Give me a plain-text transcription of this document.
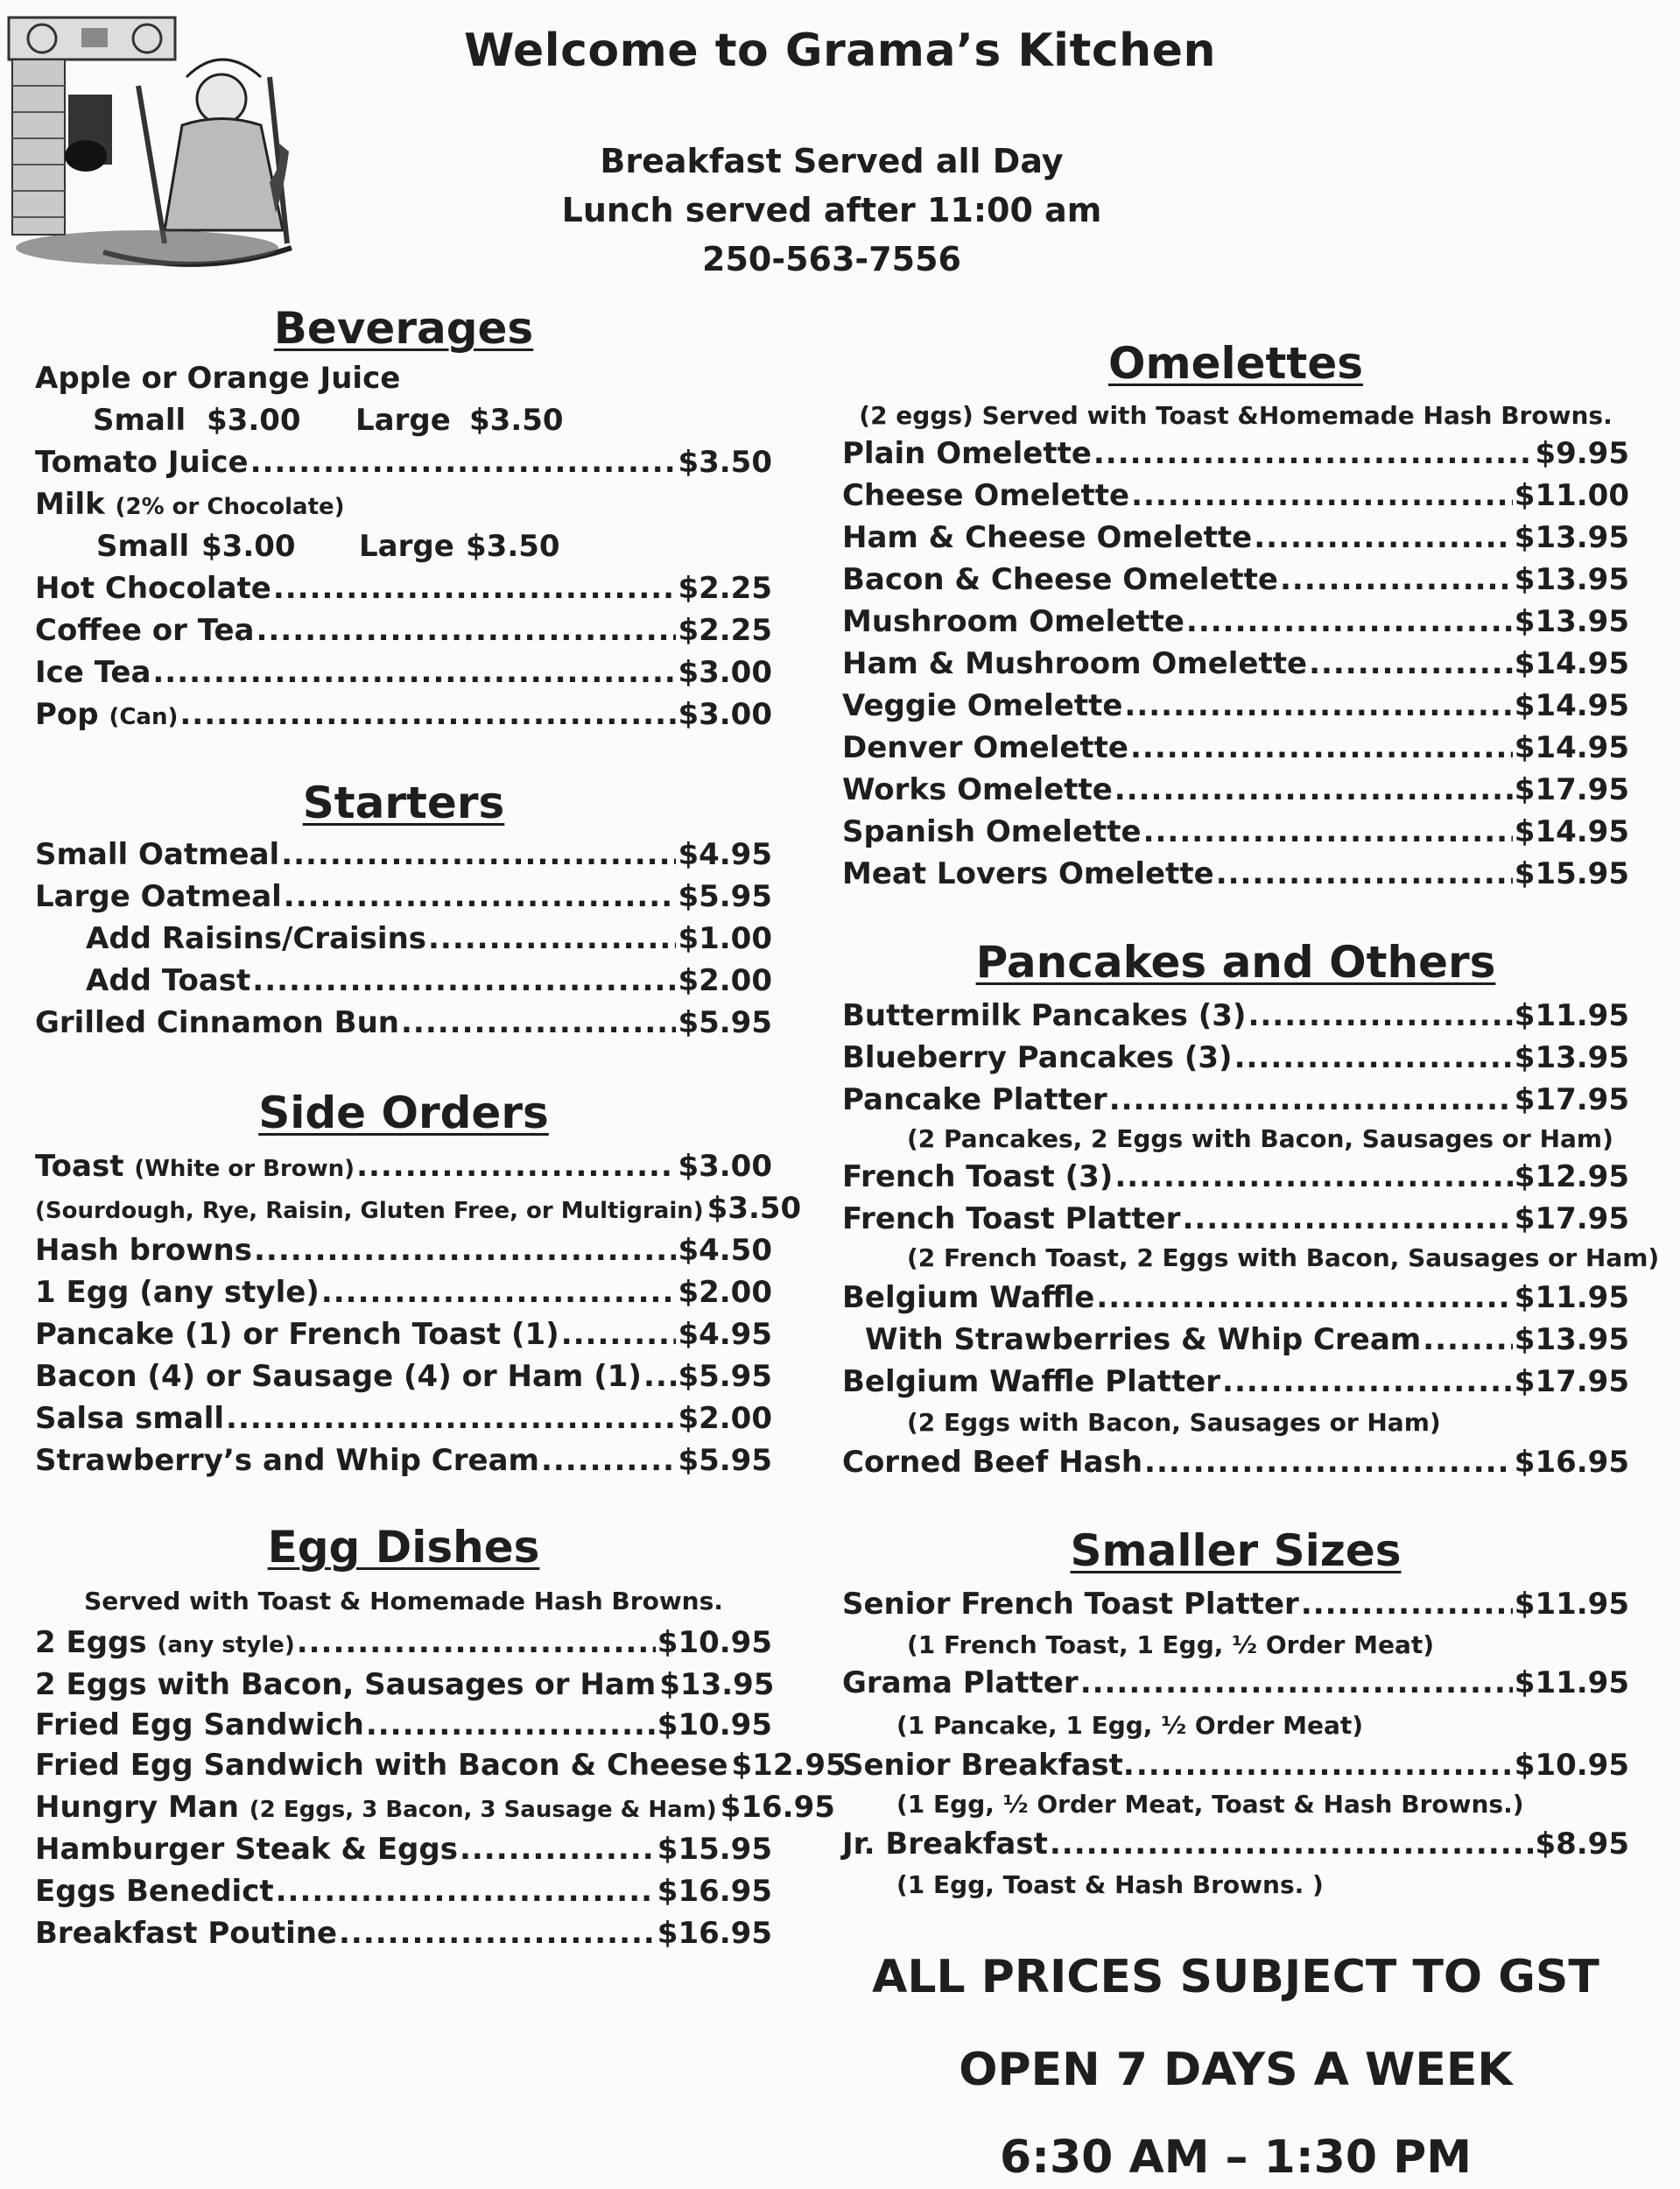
Welcome to Grama’s Kitchen
Breakfast Served all Day
Lunch served after 11:00 am
250-563-7556
Beverages
Apple or Orange Juice
Small $3.00 Large $3.50
Tomato Juice .....	$3.50
Milk
(2% or Chocolate)
Small $3.00 Large $3.50
Hot Chocolate .....	$2.25
Coffee or Tea .....	$2.25
Ice Tea .....	$3.00
Pop
(Can) .....	$3.00
Starters
Small Oatmeal .....	$4.95
Large Oatmeal .....	$5.95
Add Raisins/Craisins .....	$1.00
Add Toast .....	$2.00
Grilled Cinnamon Bun .....	$5.95
Side Orders
Toast
(White or Brown) .....	$3.00
(Sourdough, Rye, Raisin, Gluten Free, or Multigrain) $3.50
Hash browns .....	$4.50
1 Egg (any style) .....	$2.00
Pancake (1) or French Toast (1) .....	$4.95
Bacon (4) or Sausage (4) or Ham (1) ..... $5.95
Salsa small .....	$2.00
Strawberry’s and Whip Cream .....	$5.95
Egg Dishes
Served with Toast & Homemade Hash Browns.
2 Eggs
(any style) .....	$10.95
2 Eggs with Bacon, Sausages or Ham $13.95
Fried Egg Sandwich .....	$10.95
Fried Egg Sandwich with Bacon & Cheese $12.95
Hungry Man
(2 Eggs, 3 Bacon, 3 Sausage & Ham) $16.95
Hamburger Steak & Eggs .....	$15.95
Eggs Benedict .....	$16.95
Breakfast Poutine .....	$16.95
Omelettes
(2 eggs) Served with Toast &Homemade Hash Browns.
Plain Omelette .....	$9.95
Cheese Omelette .....	$11.00
Ham & Cheese Omelette .....	$13.95
Bacon & Cheese Omelette .....	$13.95
Mushroom Omelette .....	$13.95
Ham & Mushroom Omelette .....	$14.95
Veggie Omelette .....	$14.95
Denver Omelette .....	$14.95
Works Omelette .....	$17.95
Spanish Omelette .....	$14.95
Meat Lovers Omelette .....	$15.95
Pancakes and Others
Buttermilk Pancakes (3) .....	$11.95
Blueberry Pancakes (3) .....	$13.95
Pancake Platter .....	$17.95
(2 Pancakes, 2 Eggs with Bacon, Sausages or Ham)
French Toast (3) .....	$12.95
French Toast Platter .....	$17.95
(2 French Toast, 2 Eggs with Bacon, Sausages or Ham)
Belgium Waffle .....	$11.95
With Strawberries & Whip Cream .....	$13.95
Belgium Waffle Platter .....	$17.95
(2 Eggs with Bacon, Sausages or Ham)
Corned Beef Hash .....	$16.95
Smaller Sizes
Senior French Toast Platter .....	$11.95
(1 French Toast, 1 Egg, ½ Order Meat)
Grama Platter .....	$11.95
(1 Pancake, 1 Egg, ½ Order Meat)
Senior Breakfast. .....	$10.95
(1 Egg, ½ Order Meat, Toast & Hash Browns.)
Jr. Breakfast .....	$8.95
(1 Egg, Toast & Hash Browns. )
ALL PRICES SUBJECT TO GST
OPEN 7 DAYS A WEEK
6:30 AM – 1:30 PM
